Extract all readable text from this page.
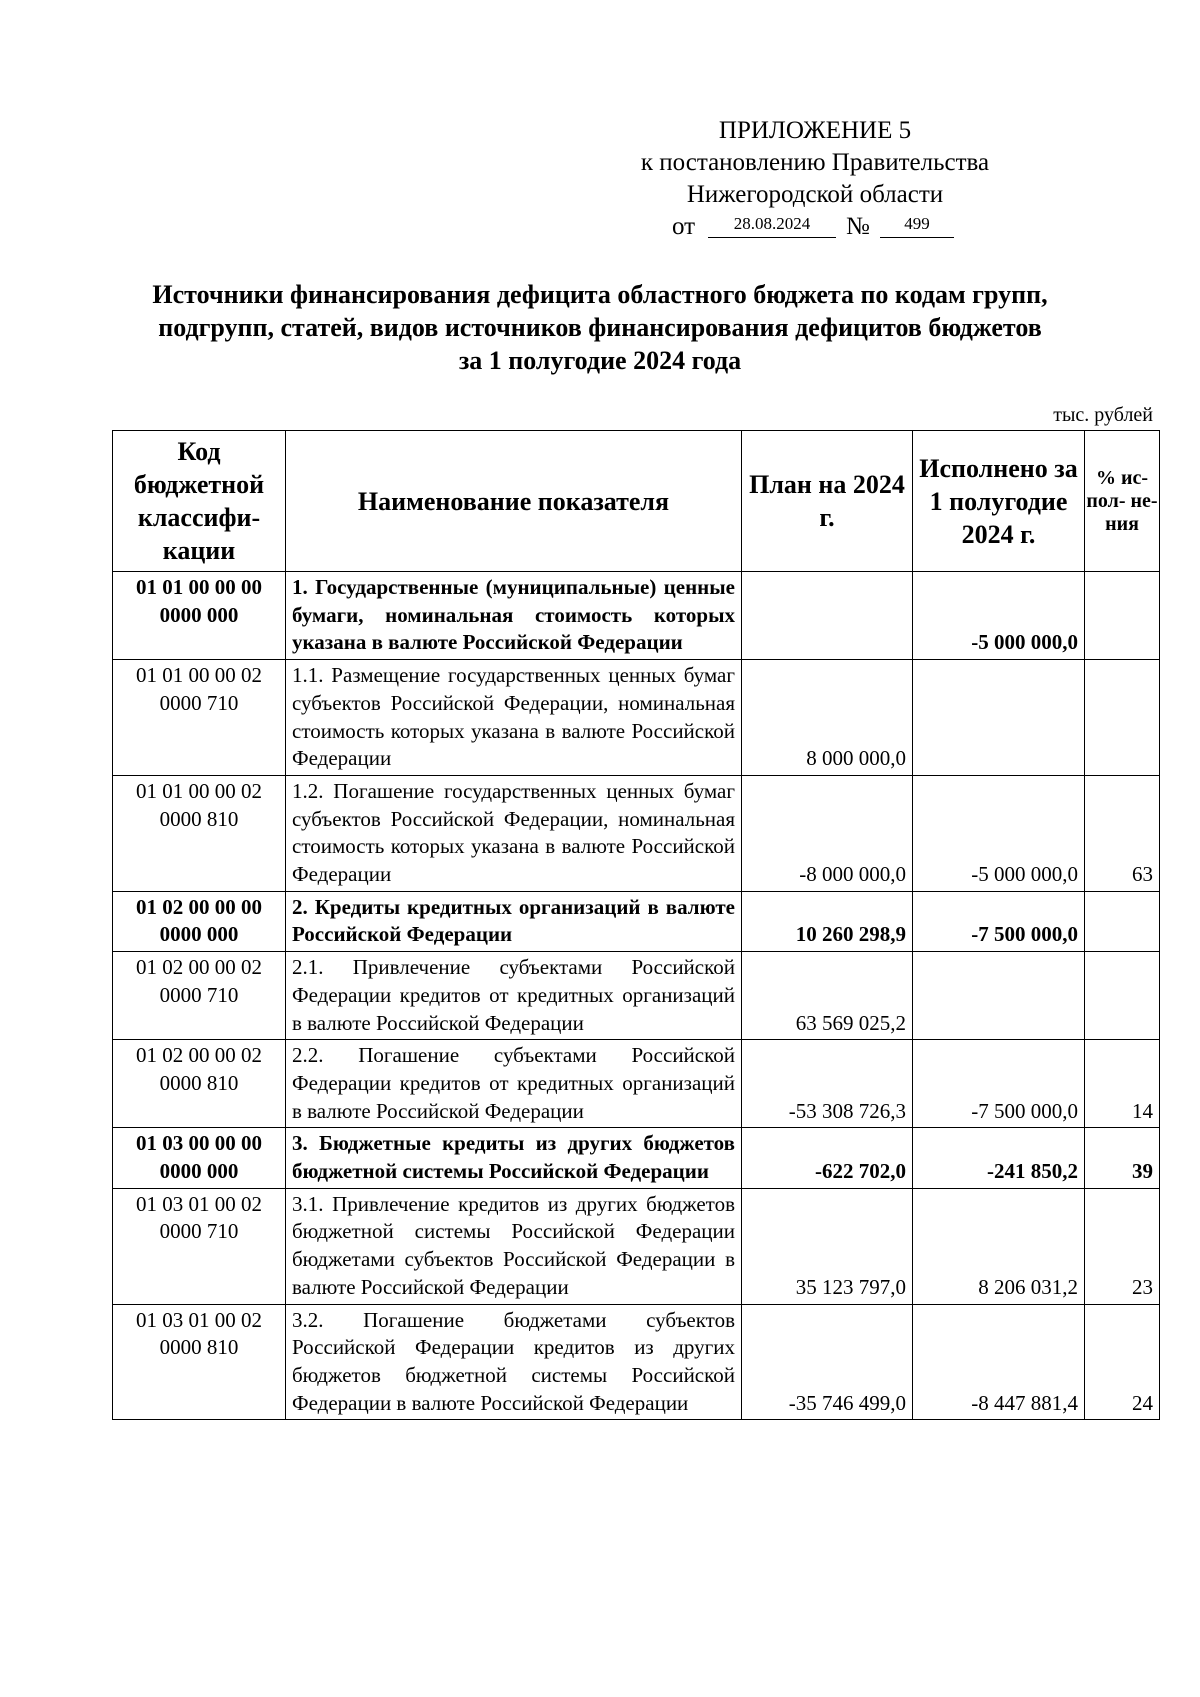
ПРИЛОЖЕНИЕ 5
к постановлению Правительства
Нижегородской области
от	28.08.2024	№	499
Источники финансирования дефицита областного бюджета по кодам групп,
подгрупп, статей, видов источников финансирования дефицитов бюджетов
за 1 полугодие 2024 года
тыс. рублей
Код бюджетной классифи- кации	Наименование показателя	План на 2024 г.	Исполнено за 1 полугодие 2024 г.	% ис- пол- не- ния
01 01 00 00 00 0000 000	1. Государственные (муниципальные) ценные бумаги, номинальная стоимость которых указана в валюте Российской Федерации		-5 000 000,0	
01 01 00 00 02 0000 710	1.1. Размещение государственных ценных бумаг субъектов Российской Федерации, номинальная стоимость которых указана в валюте Российской Федерации	8 000 000,0		
01 01 00 00 02 0000 810	1.2. Погашение государственных ценных бумаг субъектов Российской Федерации, номинальная стоимость которых указана в валюте Российской Федерации	-8 000 000,0	-5 000 000,0	63
01 02 00 00 00 0000 000	2. Кредиты кредитных организаций в валюте Российской Федерации	10 260 298,9	-7 500 000,0	
01 02 00 00 02 0000 710	2.1. Привлечение субъектами Российской Федерации кредитов от кредитных организаций в валюте Российской Федерации	63 569 025,2		
01 02 00 00 02 0000 810	2.2. Погашение субъектами Российской Федерации кредитов от кредитных организаций в валюте Российской Федерации	-53 308 726,3	-7 500 000,0	14
01 03 00 00 00 0000 000	3. Бюджетные кредиты из других бюджетов бюджетной системы Российской Федерации	-622 702,0	-241 850,2	39
01 03 01 00 02 0000 710	3.1. Привлечение кредитов из других бюджетов бюджетной системы Российской Федерации бюджетами субъектов Российской Федерации в валюте Российской Федерации	35 123 797,0	8 206 031,2	23
01 03 01 00 02 0000 810	3.2. Погашение бюджетами субъектов Российской Федерации кредитов из других бюджетов бюджетной системы Российской Федерации в валюте Российской Федерации	-35 746 499,0	-8 447 881,4	24
